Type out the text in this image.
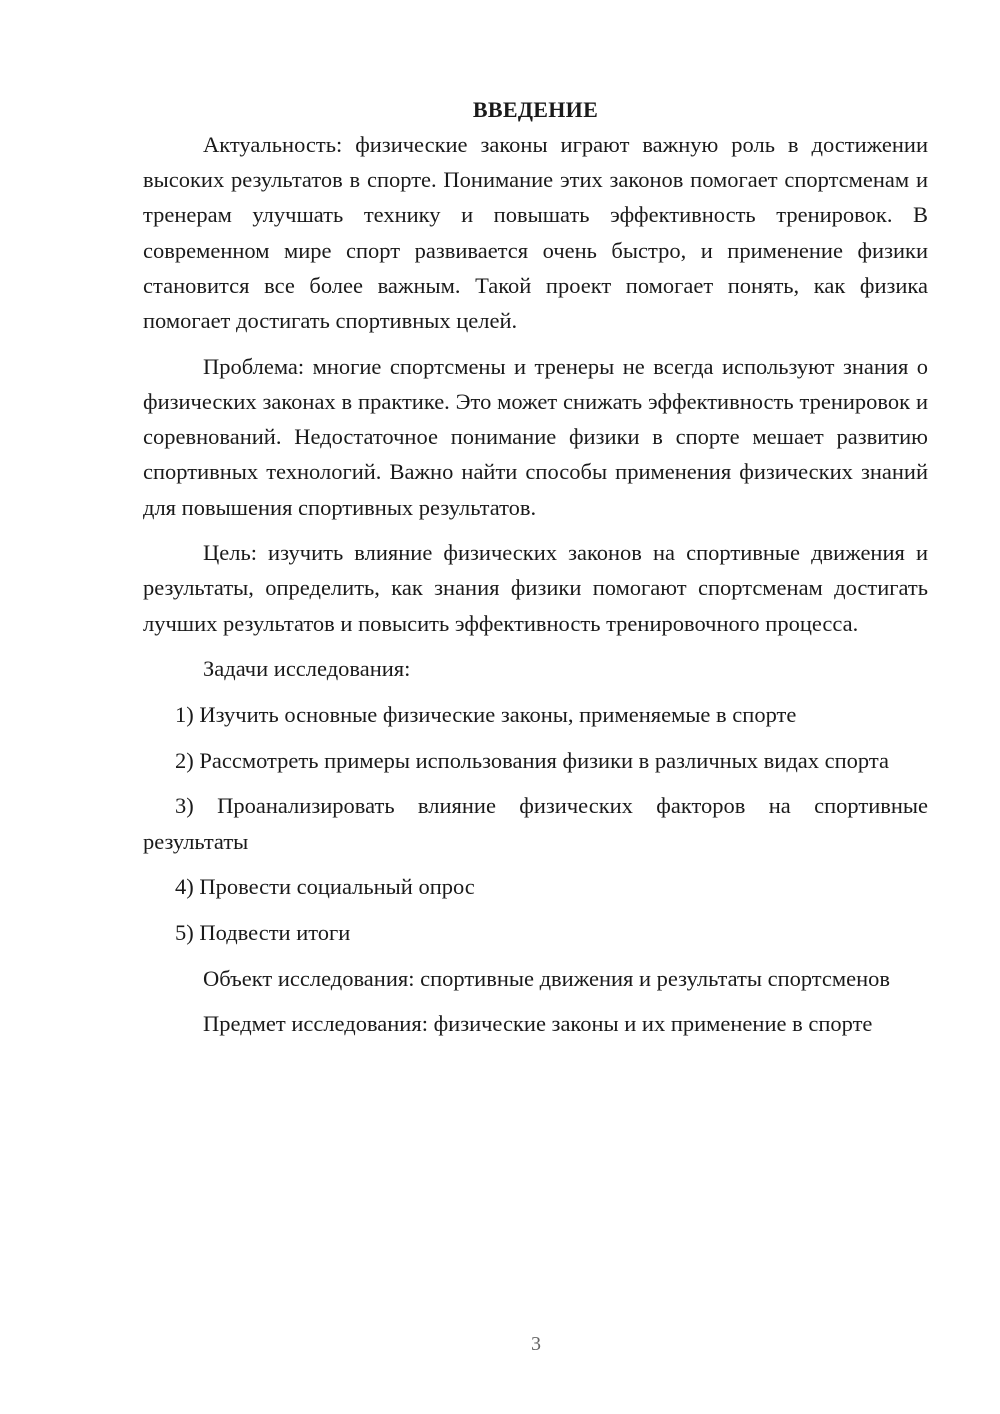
ВВЕДЕНИЕ

Актуальность: физические законы играют важную роль в достижении высоких результатов в спорте. Понимание этих законов помогает спортсменам и тренерам улучшать технику и повышать эффективность тренировок. В современном мире спорт развивается очень быстро, и применение физики становится все более важным. Такой проект помогает понять, как физика помогает достигать спортивных целей.

Проблема: многие спортсмены и тренеры не всегда используют знания о физических законах в практике. Это может снижать эффективность тренировок и соревнований. Недостаточное понимание физики в спорте мешает развитию спортивных технологий. Важно найти способы применения физических знаний для повышения спортивных результатов.

Цель: изучить влияние физических законов на спортивные движения и результаты, определить, как знания физики помогают спортсменам достигать лучших результатов и повысить эффективность тренировочного процесса.

Задачи исследования:

1) Изучить основные физические законы, применяемые в спорте

2) Рассмотреть примеры использования физики в различных видах спорта

3) Проанализировать влияние физических факторов на спортивные результаты

4) Провести социальный опрос

5) Подвести итоги

Объект исследования: спортивные движения и результаты спортсменов

Предмет исследования: физические законы и их применение в спорте

3
